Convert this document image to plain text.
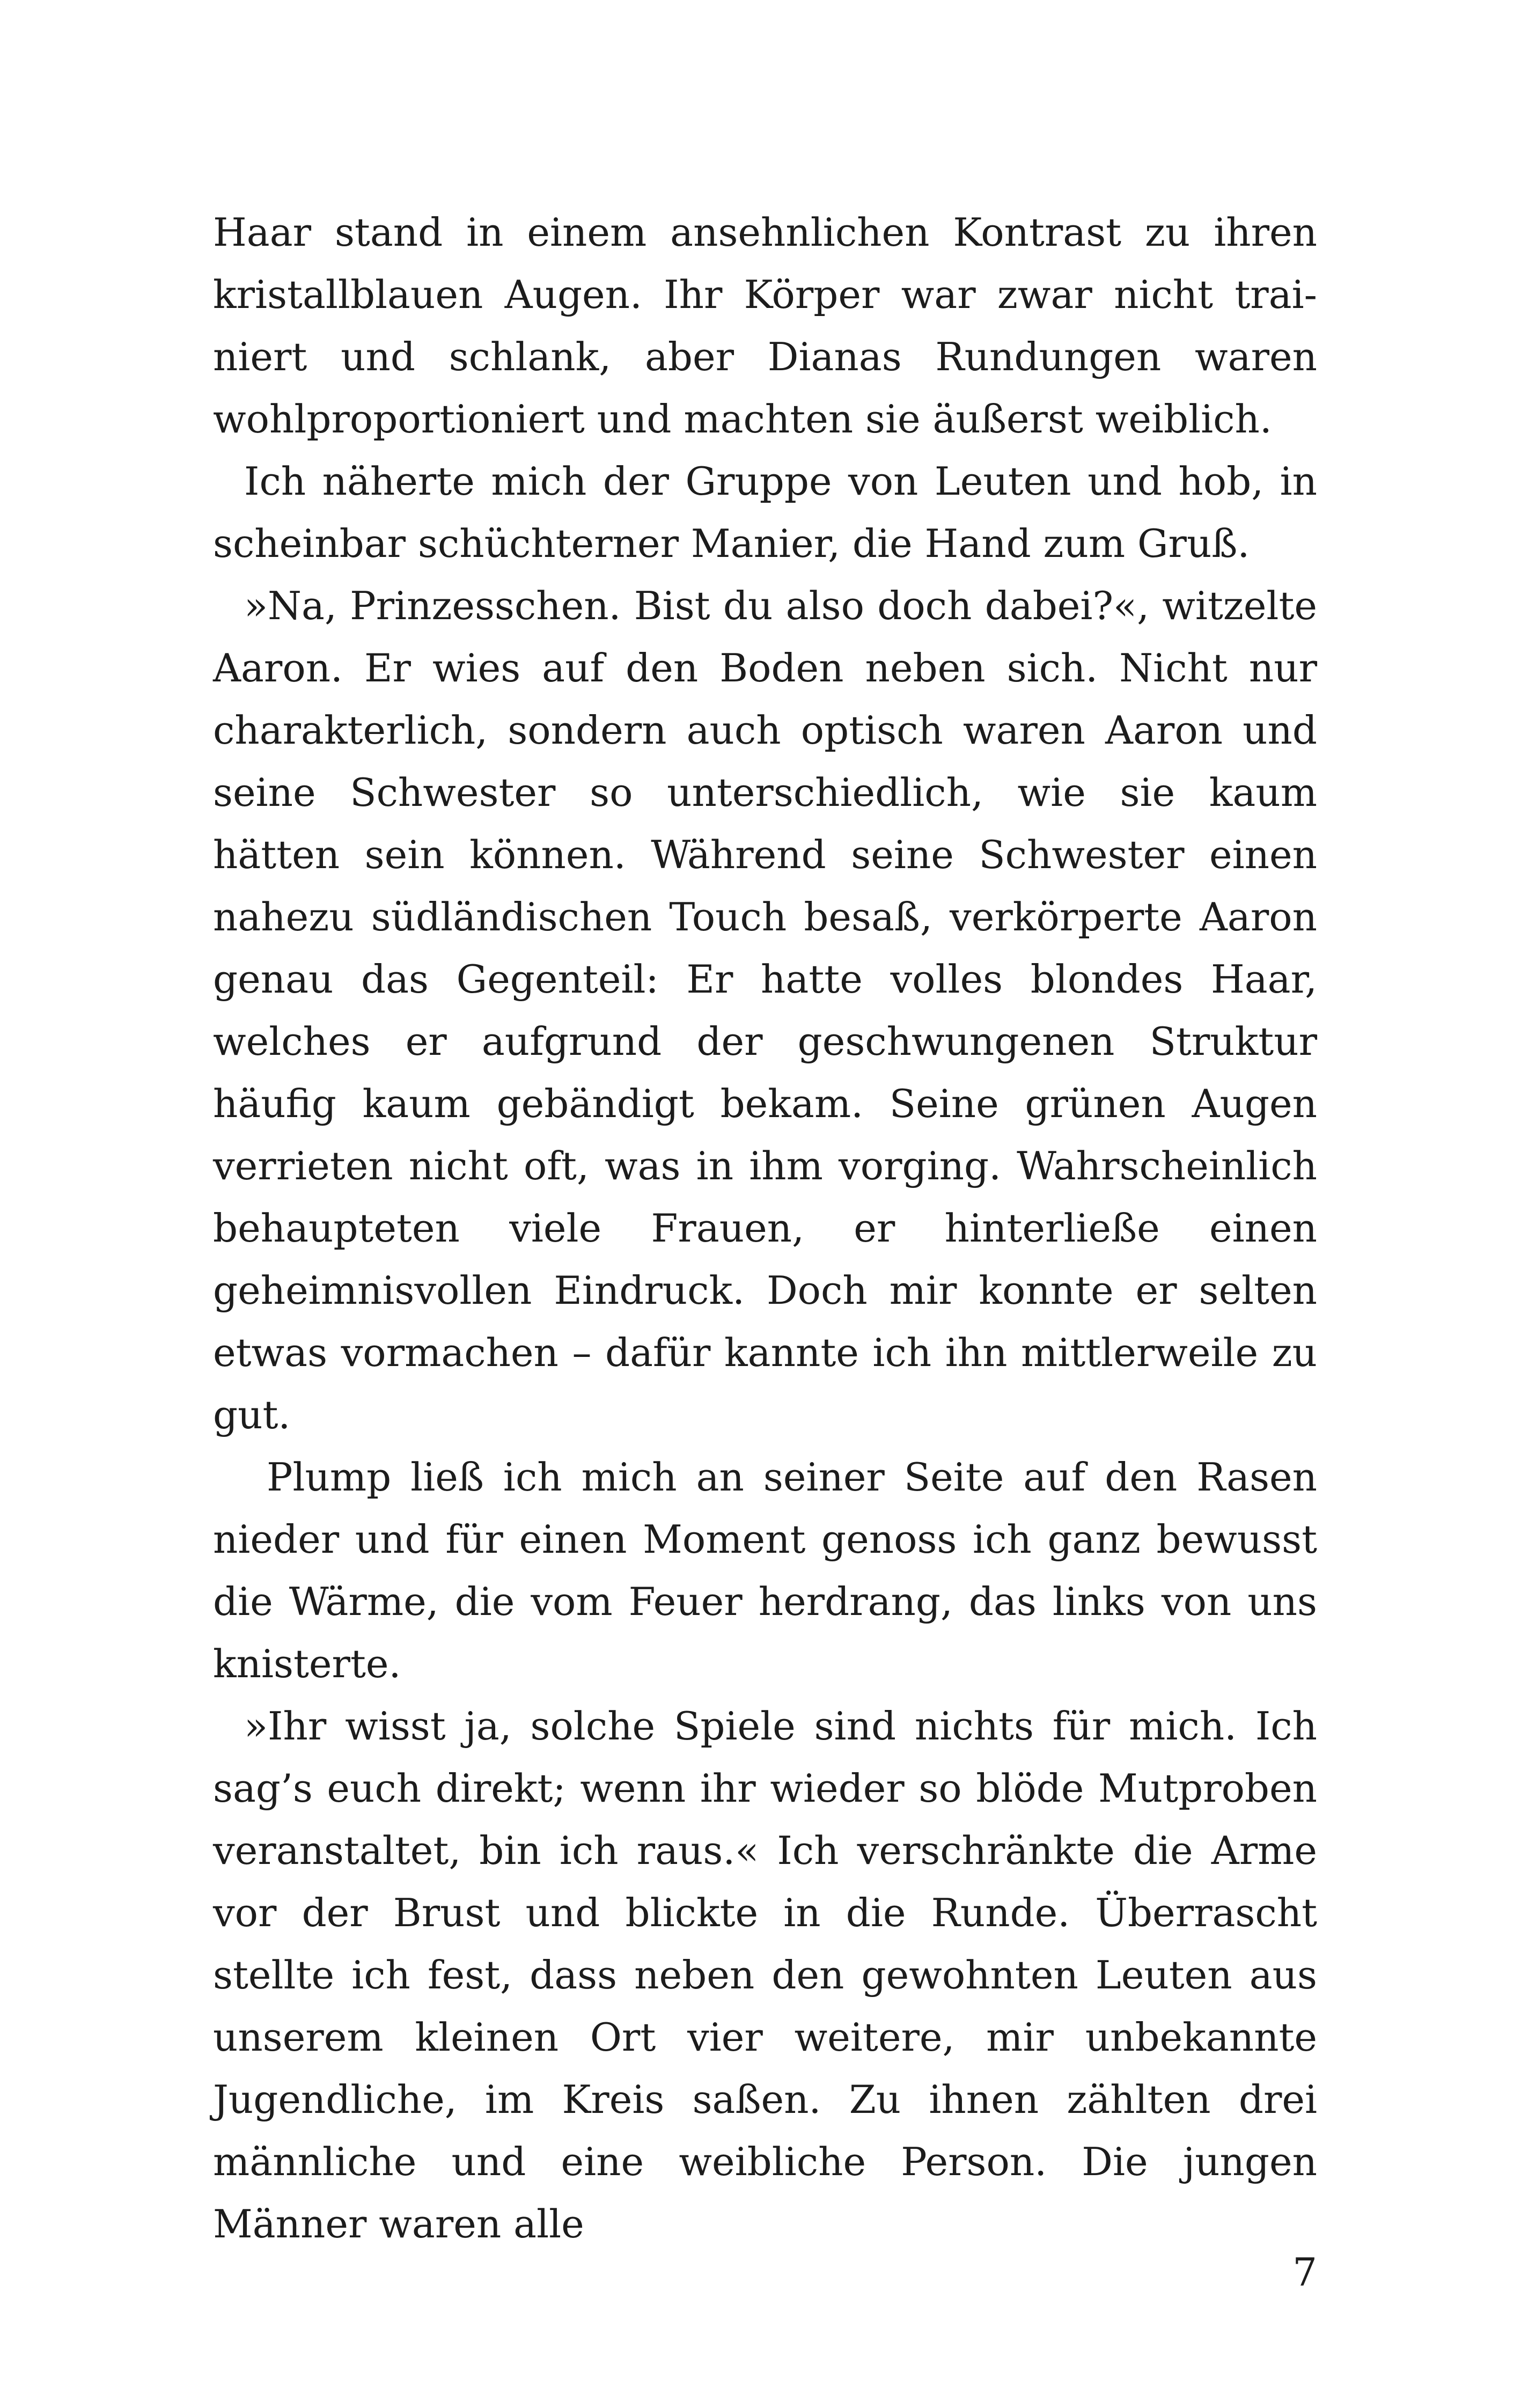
Haar stand in einem ansehnlichen Kontrast zu ihren kristallblauen Augen. Ihr Körper war zwar nicht trainiert und schlank, aber Dianas Rundungen waren wohlproportioniert und machten sie äußerst weiblich.

Ich näherte mich der Gruppe von Leuten und hob, in scheinbar schüchterner Manier, die Hand zum Gruß.

»Na, Prinzesschen. Bist du also doch dabei?«, witzelte Aaron. Er wies auf den Boden neben sich. Nicht nur charakterlich, sondern auch optisch waren Aaron und seine Schwester so unterschiedlich, wie sie kaum hätten sein können. Während seine Schwester einen nahezu südländischen Touch besaß, verkörperte Aaron genau das Gegenteil: Er hatte volles blondes Haar, welches er aufgrund der geschwungenen Struktur häufig kaum gebändigt bekam. Seine grünen Augen verrieten nicht oft, was in ihm vorging. Wahrscheinlich behaupteten viele Frauen, er hinterließe einen geheimnisvollen Eindruck. Doch mir konnte er selten etwas vormachen – dafür kannte ich ihn mittlerweile zu gut.

Plump ließ ich mich an seiner Seite auf den Rasen nieder und für einen Moment genoss ich ganz bewusst die Wärme, die vom Feuer herdrang, das links von uns knisterte.

»Ihr wisst ja, solche Spiele sind nichts für mich. Ich sag’s euch direkt; wenn ihr wieder so blöde Mutproben veranstaltet, bin ich raus.« Ich verschränkte die Arme vor der Brust und blickte in die Runde. Überrascht stellte ich fest, dass neben den gewohnten Leuten aus unserem kleinen Ort vier weitere, mir unbekannte Jugendliche, im Kreis saßen. Zu ihnen zählten drei männliche und eine weibliche Person. Die jungen Männer waren alle

7
